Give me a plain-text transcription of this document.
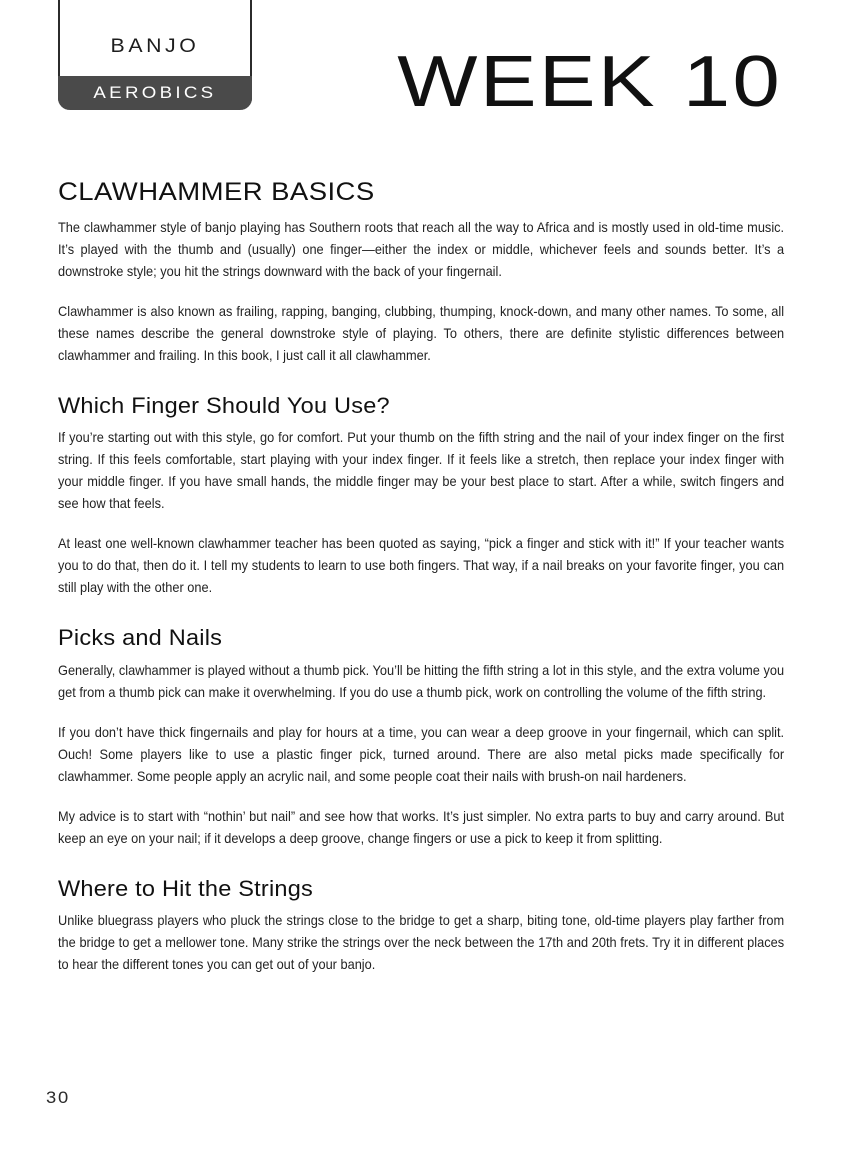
BANJO
AEROBICS	WEEK 10
CLAWHAMMER BASICS

The clawhammer style of banjo playing has Southern roots that reach all the way to Africa and is mostly used in old-time music. It’s played with the thumb and (usually) one finger—either the index or middle, whichever feels and sounds better. It’s a downstroke style; you hit the strings downward with the back of your fingernail.

Clawhammer is also known as frailing, rapping, banging, clubbing, thumping, knock-down, and many other names. To some, all these names describe the general downstroke style of playing. To others, there are definite stylistic differences between clawhammer and frailing. In this book, I just call it all clawhammer.

Which Finger Should You Use?

If you’re starting out with this style, go for comfort. Put your thumb on the fifth string and the nail of your index finger on the first string. If this feels comfortable, start playing with your index finger. If it feels like a stretch, then replace your index finger with your middle finger. If you have small hands, the middle finger may be your best place to start. After a while, switch fingers and see how that feels.

At least one well-known clawhammer teacher has been quoted as saying, “pick a finger and stick with it!” If your teacher wants you to do that, then do it. I tell my students to learn to use both fingers. That way, if a nail breaks on your favorite finger, you can still play with the other one.

Picks and Nails

Generally, clawhammer is played without a thumb pick. You’ll be hitting the fifth string a lot in this style, and the extra volume you get from a thumb pick can make it overwhelming. If you do use a thumb pick, work on controlling the volume of the fifth string.

If you don’t have thick fingernails and play for hours at a time, you can wear a deep groove in your fingernail, which can split. Ouch! Some players like to use a plastic finger pick, turned around. There are also metal picks made specifically for clawhammer. Some people apply an acrylic nail, and some people coat their nails with brush-on nail hardeners.

My advice is to start with “nothin’ but nail” and see how that works. It’s just simpler. No extra parts to buy and carry around. But keep an eye on your nail; if it develops a deep groove, change fingers or use a pick to keep it from splitting.

Where to Hit the Strings

Unlike bluegrass players who pluck the strings close to the bridge to get a sharp, biting tone, old-time players play farther from the bridge to get a mellower tone. Many strike the strings over the neck between the 17th and 20th frets. Try it in different places to hear the different tones you can get out of your banjo.

30
